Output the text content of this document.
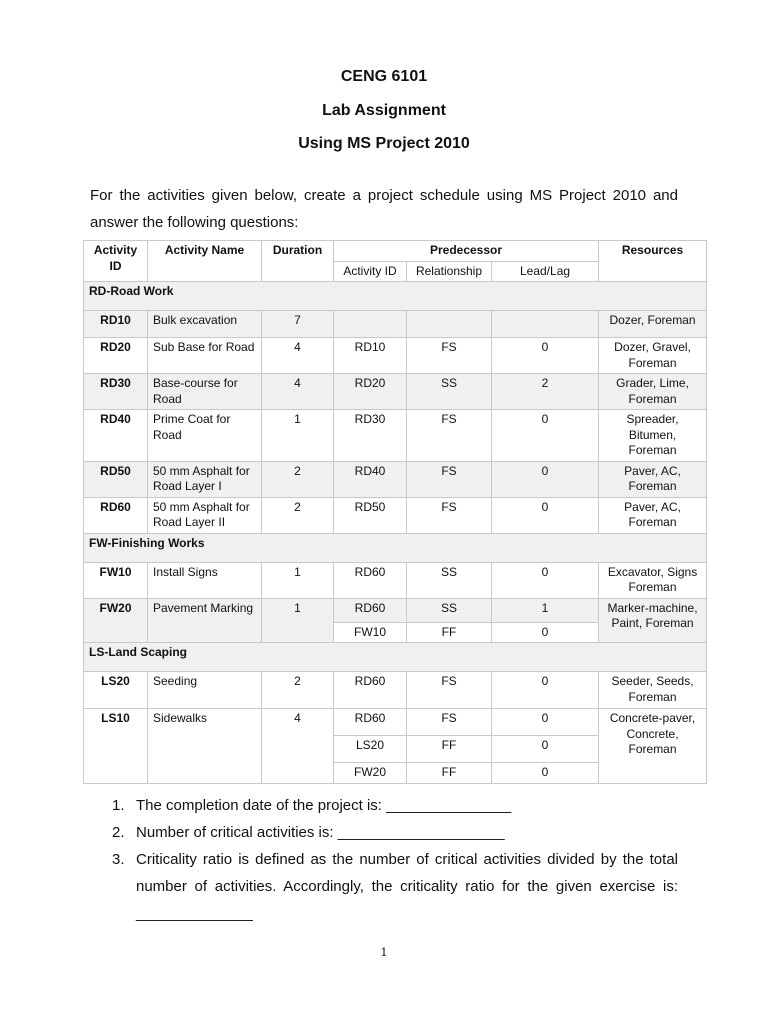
CENG 6101
Lab Assignment
Using MS Project 2010
For the activities given below, create a project schedule using MS Project 2010 and answer the following questions:
Activity ID	Activity Name	Duration	Predecessor			Resources
			Activity ID	Relationship	Lead/Lag	
RD-Road Work						
RD10	Bulk excavation	7				Dozer, Foreman
RD20	Sub Base for Road	4	RD10	FS	0	Dozer, Gravel, Foreman
RD30	Base-course for Road	4	RD20	SS	2	Grader, Lime, Foreman
RD40	Prime Coat for Road	1	RD30	FS	0	Spreader, Bitumen, Foreman
RD50	50 mm Asphalt for Road Layer I	2	RD40	FS	0	Paver, AC, Foreman
RD60	50 mm Asphalt for Road Layer II	2	RD50	FS	0	Paver, AC, Foreman
FW-Finishing Works						
FW10	Install Signs	1	RD60	SS	0	Excavator, Signs Foreman
FW20	Pavement Marking	1	RD60	SS	1	Marker-machine, Paint, Foreman
			FW10	FF	0	
LS-Land Scaping						
LS20	Seeding	2	RD60	FS	0	Seeder, Seeds, Foreman
LS10	Sidewalks	4	RD60	FS	0	Concrete-paver, Concrete, Foreman
			LS20	FF	0	
			FW20	FF	0	
1. The completion date of the project is: _______________
2. Number of critical activities is: ____________________
3. Criticality ratio is defined as the number of critical activities divided by the total number of activities. Accordingly, the criticality ratio for the given exercise is: ______________
1
